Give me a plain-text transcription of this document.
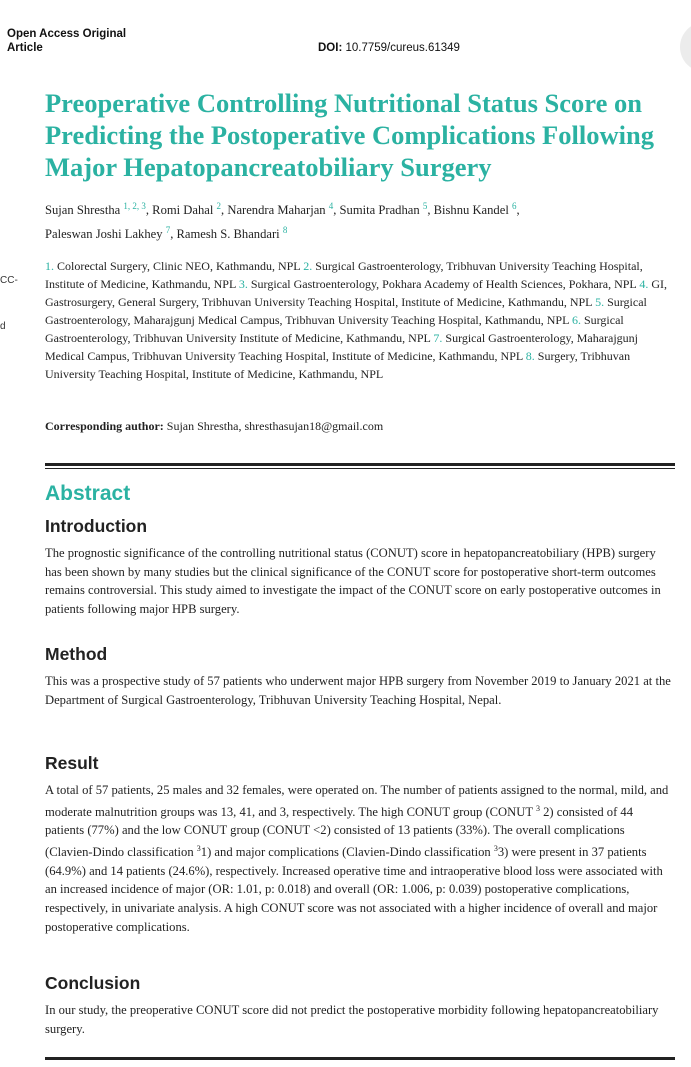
Open Access Original
Article	DOI: 10.7759/cureus.61349
CC-
d
Preoperative Controlling Nutritional Status Score on Predicting the Postoperative Complications Following Major Hepatopancreatobiliary Surgery
Sujan Shrestha $^{1, 2, 3}$, Romi Dahal $^2$, Narendra Maharjan $^4$, Sumita Pradhan $^5$, Bishnu Kandel $^6$,
Paleswan Joshi Lakhey $^7$, Ramesh S. Bhandari $^8$
1. Colorectal Surgery, Clinic NEO, Kathmandu, NPL 2. Surgical Gastroenterology, Tribhuvan University Teaching Hospital, Institute of Medicine, Kathmandu, NPL 3. Surgical Gastroenterology, Pokhara Academy of Health Sciences, Pokhara, NPL 4. GI, Gastrosurgery, General Surgery, Tribhuvan University Teaching Hospital, Institute of Medicine, Kathmandu, NPL 5. Surgical Gastroenterology, Maharajgunj Medical Campus, Tribhuvan University Teaching Hospital, Kathmandu, NPL 6. Surgical Gastroenterology, Tribhuvan University Institute of Medicine, Kathmandu, NPL 7. Surgical Gastroenterology, Maharajgunj Medical Campus, Tribhuvan University Teaching Hospital, Institute of Medicine, Kathmandu, NPL 8. Surgery, Tribhuvan University Teaching Hospital, Institute of Medicine, Kathmandu, NPL
Corresponding author: Sujan Shrestha, shresthasujan18@gmail.com
Abstract
Introduction

The prognostic significance of the controlling nutritional status (CONUT) score in hepatopancreatobiliary (HPB) surgery has been shown by many studies but the clinical significance of the CONUT score for postoperative short-term outcomes remains controversial. This study aimed to investigate the impact of the CONUT score on early postoperative outcomes in patients following major HPB surgery.

Method

This was a prospective study of 57 patients who underwent major HPB surgery from November 2019 to January 2021 at the Department of Surgical Gastroenterology, Tribhuvan University Teaching Hospital, Nepal.

Result

A total of 57 patients, 25 males and 32 females, were operated on. The number of patients assigned to the normal, mild, and moderate malnutrition groups was 13, 41, and 3, respectively. The high CONUT group (CONUT $^3$ 2) consisted of 44 patients (77%) and the low CONUT group (CONUT <2) consisted of 13 patients (33%). The overall complications (Clavien-Dindo classification $^3$1) and major complications (Clavien-Dindo classification $^3$3) were present in 37 patients (64.9%) and 14 patients (24.6%), respectively. Increased operative time and intraoperative blood loss were associated with an increased incidence of major (OR: 1.01, p: 0.018) and overall (OR: 1.006, p: 0.039) postoperative complications, respectively, in univariate analysis. A high CONUT score was not associated with a higher incidence of overall and major postoperative complications.

Conclusion

In our study, the preoperative CONUT score did not predict the postoperative morbidity following hepatopancreatobiliary surgery.
